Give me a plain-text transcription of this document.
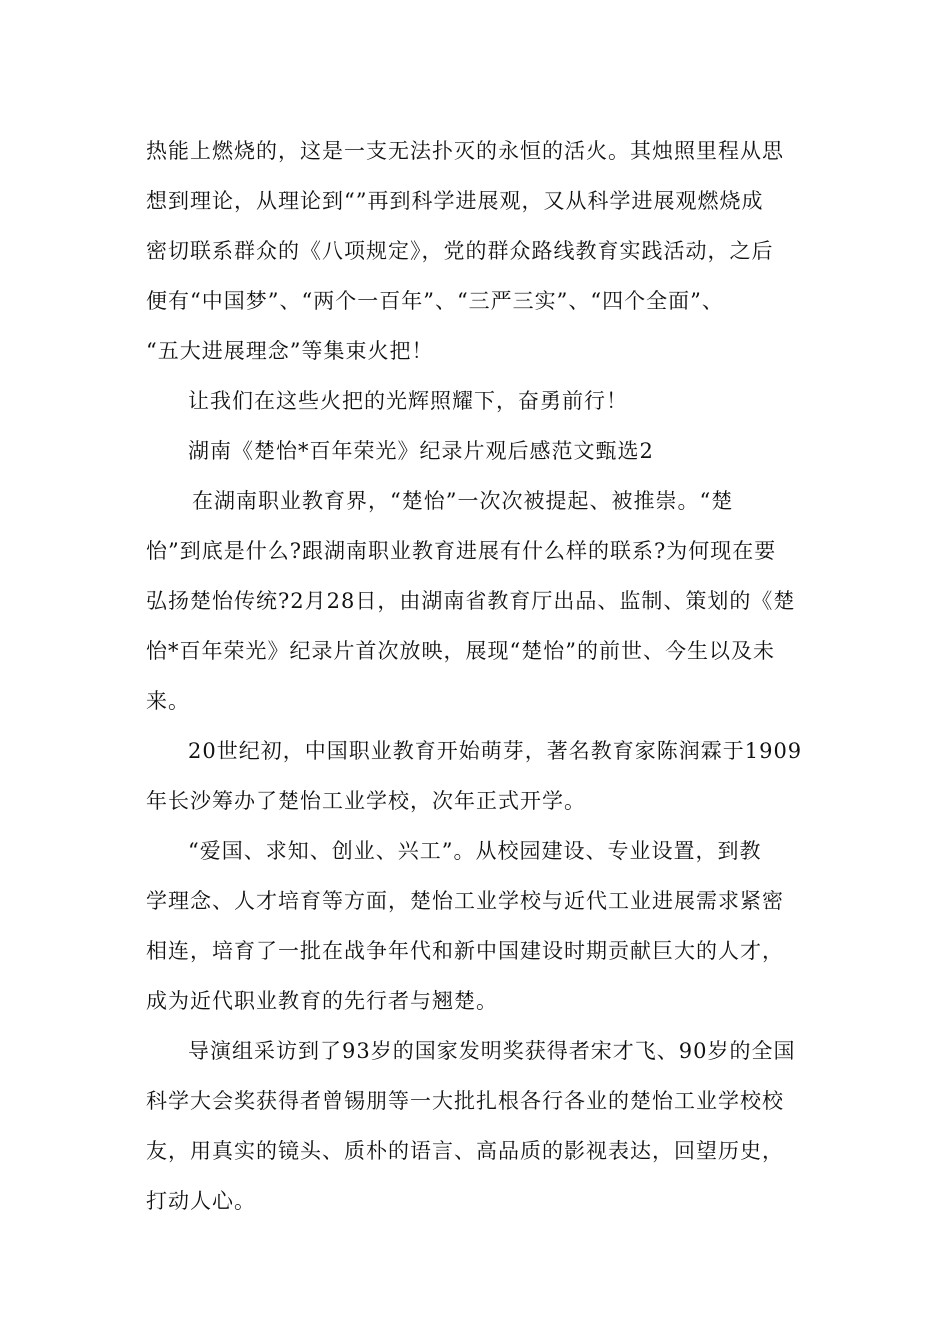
热能上燃烧的，这是一支无法扑灭的永恒的活火。其烛照里程从思
想到理论，从理论到“”再到科学进展观，又从科学进展观燃烧成
密切联系群众的《八项规定》，党的群众路线教育实践活动，之后
便有“中国梦”、“两个一百年”、“三严三实”、“四个全面”、
“五大进展理念”等集束火把！
让我们在这些火把的光辉照耀下，奋勇前行！
湖南《楚怡*百年荣光》纪录片观后感范文甄选2
在湖南职业教育界，“楚怡”一次次被提起、被推崇。“楚
怡”到底是什么?跟湖南职业教育进展有什么样的联系?为何现在要
弘扬楚怡传统?2月28日，由湖南省教育厅出品、监制、策划的《楚
怡*百年荣光》纪录片首次放映，展现“楚怡”的前世、今生以及未
来。
20世纪初，中国职业教育开始萌芽，著名教育家陈润霖于1909
年长沙筹办了楚怡工业学校，次年正式开学。
“爱国、求知、创业、兴工”。从校园建设、专业设置，到教
学理念、人才培育等方面，楚怡工业学校与近代工业进展需求紧密
相连，培育了一批在战争年代和新中国建设时期贡献巨大的人才，
成为近代职业教育的先行者与翘楚。
导演组采访到了93岁的国家发明奖获得者宋才飞、90岁的全国
科学大会奖获得者曾锡朋等一大批扎根各行各业的楚怡工业学校校
友，用真实的镜头、质朴的语言、高品质的影视表达，回望历史，
打动人心。
